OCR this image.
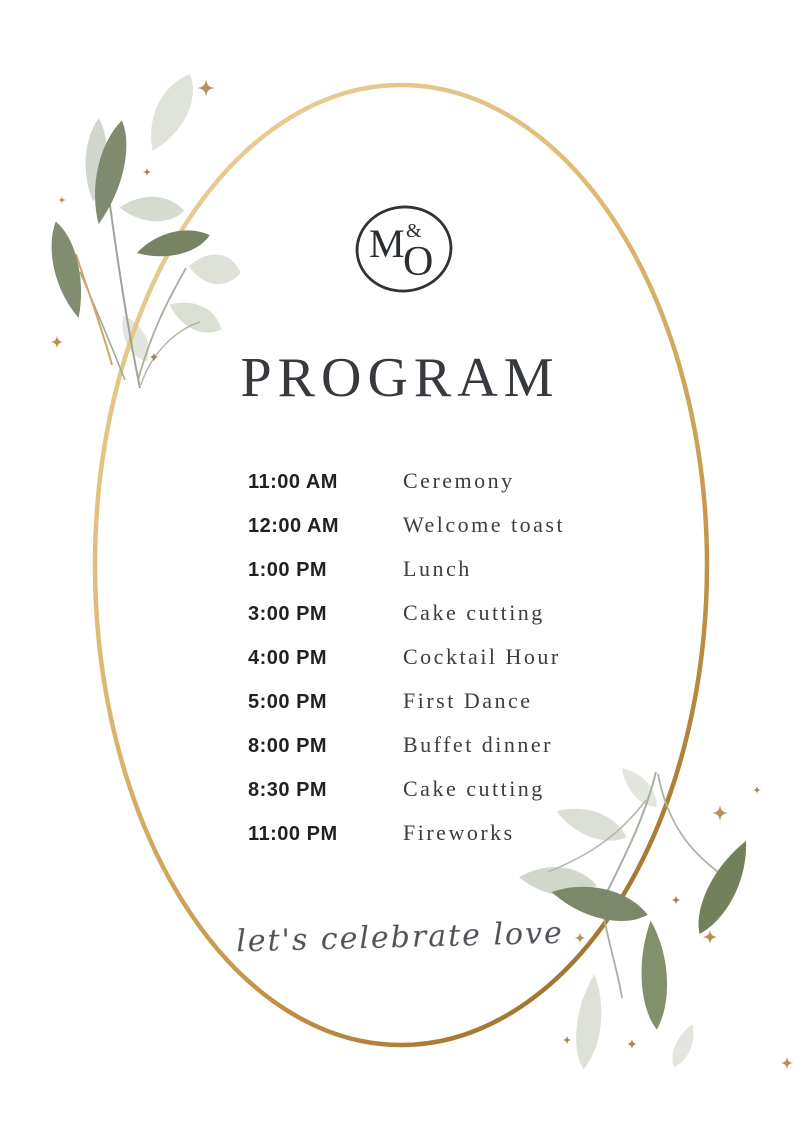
M &
O
PROGRAM
11:00 AM	Ceremony
12:00 AM	Welcome toast
1:00 PM	Lunch
3:00 PM	Cake cutting
4:00 PM	Cocktail Hour
5:00 PM	First Dance
8:00 PM	Buffet dinner
8:30 PM	Cake cutting
11:00 PM	Fireworks
let's celebrate love
